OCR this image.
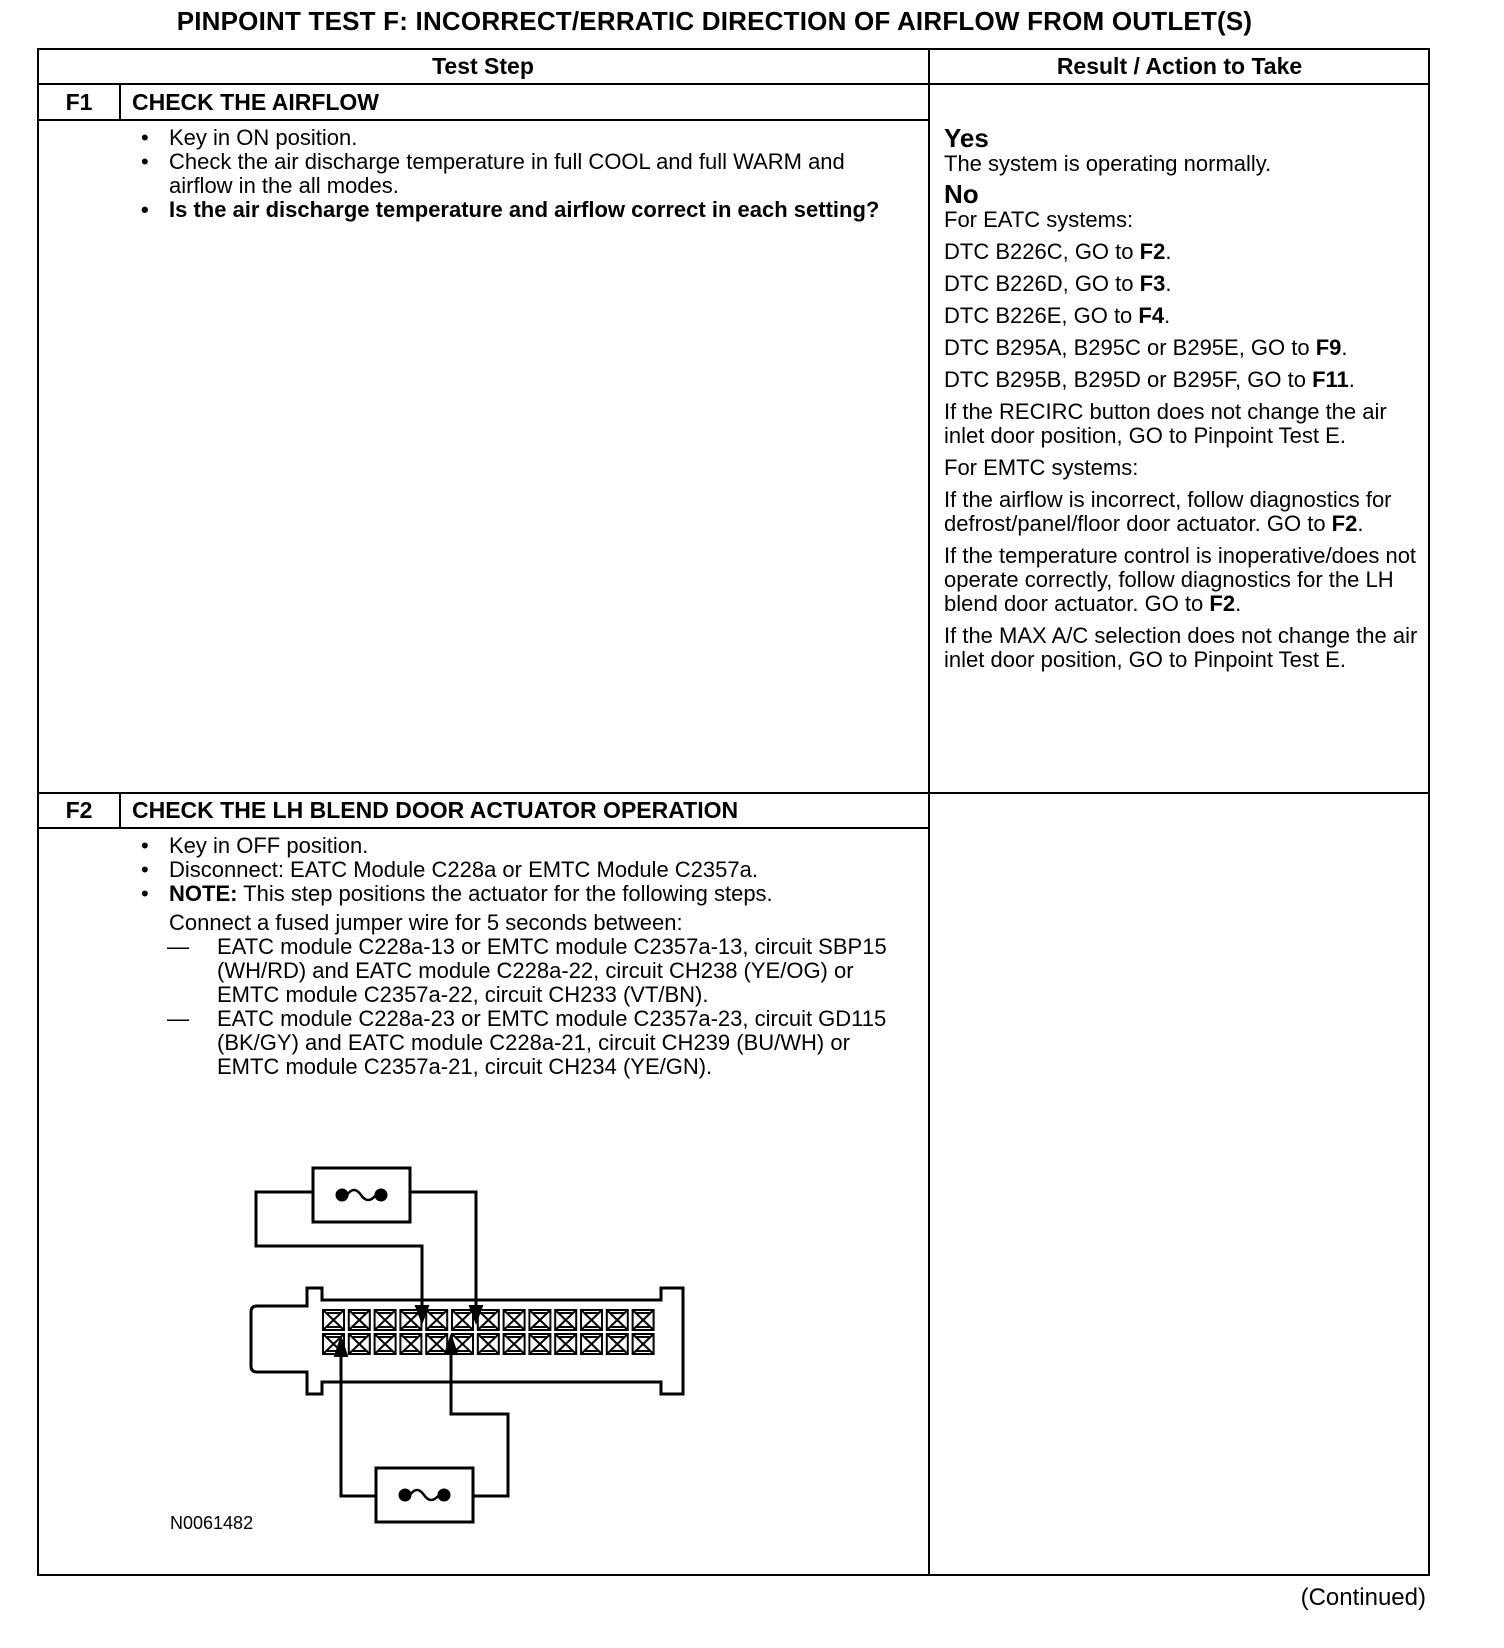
PINPOINT TEST F: INCORRECT/ERRATIC DIRECTION OF AIRFLOW FROM OUTLET(S)
Test Step	Result / Action to Take
F1	CHECK THE AIRFLOW
• Key in ON position.
• Check the air discharge temperature in full COOL and full WARM and airflow in the all modes.
• Is the air discharge temperature and airflow correct in each setting?
Yes

The system is operating normally.

No

For EATC systems:

DTC B226C, GO to F2.

DTC B226D, GO to F3.

DTC B226E, GO to F4.

DTC B295A, B295C or B295E, GO to F9.

DTC B295B, B295D or B295F, GO to F11.

If the RECIRC button does not change the air inlet door position, GO to Pinpoint Test E.

For EMTC systems:

If the airflow is incorrect, follow diagnostics for defrost/panel/floor door actuator. GO to F2.

If the temperature control is inoperative/does not operate correctly, follow diagnostics for the LH blend door actuator. GO to F2.

If the MAX A/C selection does not change the air inlet door position, GO to Pinpoint Test E.

F2	CHECK THE LH BLEND DOOR ACTUATOR OPERATION
• Key in OFF position.
• Disconnect: EATC Module C228a or EMTC Module C2357a.
• NOTE: This step positions the actuator for the following steps.
Connect a fused jumper wire for 5 seconds between:
— EATC module C228a-13 or EMTC module C2357a-13, circuit SBP15 (WH/RD) and EATC module C228a-22, circuit CH238 (YE/OG) or EMTC module C2357a-22, circuit CH233 (VT/BN).
— EATC module C228a-23 or EMTC module C2357a-23, circuit GD115 (BK/GY) and EATC module C228a-21, circuit CH239 (BU/WH) or EMTC module C2357a-21, circuit CH234 (YE/GN).
N0061482
(Continued)
